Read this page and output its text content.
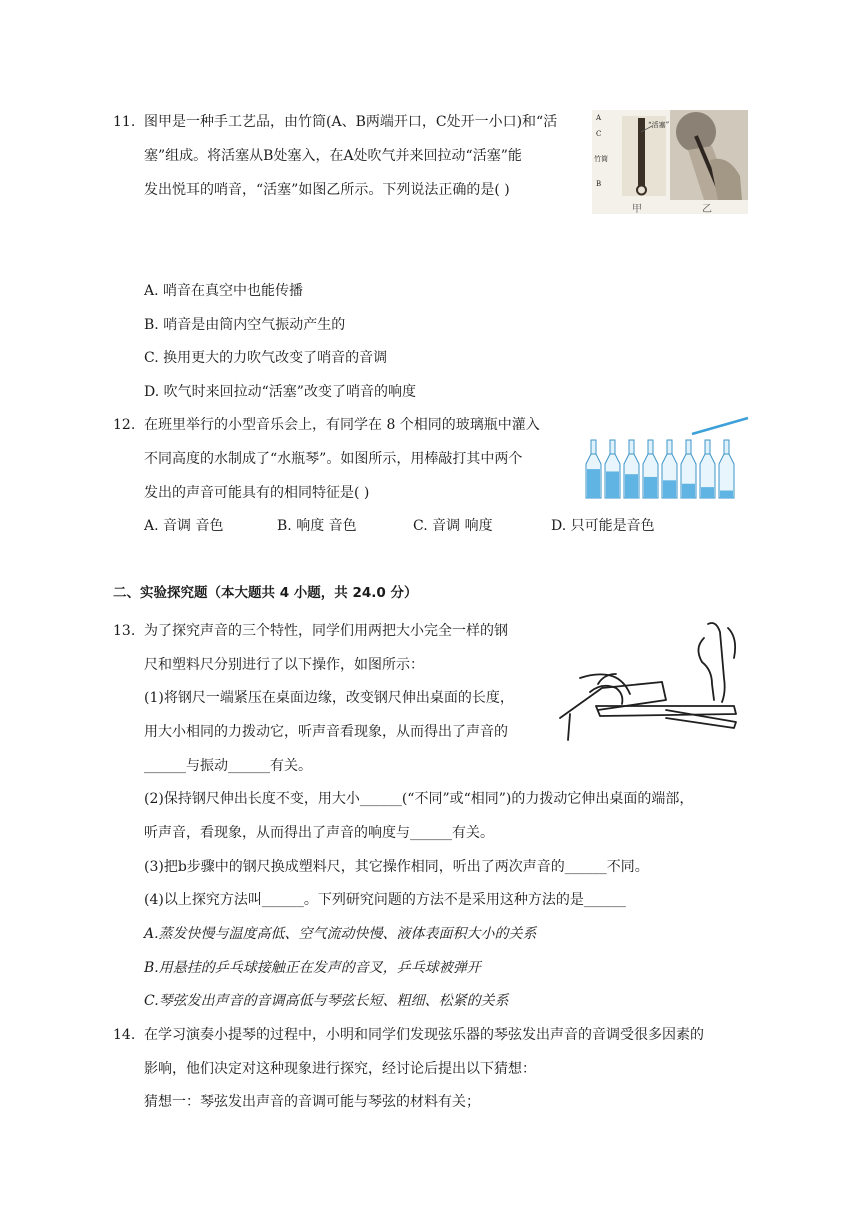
11. 图甲是一种手工艺品，由竹筒(A、B两端开口，C处开一小口)和“活
塞”组成。将活塞从B处塞入，在A处吹气并来回拉动“活塞”能
发出悦耳的哨音，“活塞”如图乙所示。下列说法正确的是( )
A
C
“活塞”
竹筒
B
甲	乙
A. 哨音在真空中也能传播
B. 哨音是由筒内空气振动产生的
C. 换用更大的力吹气改变了哨音的音调
D. 吹气时来回拉动“活塞”改变了哨音的响度
12. 在班里举行的小型音乐会上，有同学在 8 个相同的玻璃瓶中灌入
不同高度的水制成了“水瓶琴”。如图所示，用棒敲打其中两个
发出的声音可能具有的相同特征是( )
A. 音调 音色	B. 响度 音色	C. 音调 响度	D. 只可能是音色
二、实验探究题（本大题共 4 小题，共 24.0 分）
13. 为了探究声音的三个特性，同学们用两把大小完全一样的钢
尺和塑料尺分别进行了以下操作，如图所示：
(1)将钢尺一端紧压在桌面边缘，改变钢尺伸出桌面的长度，
用大小相同的力拨动它，听声音看现象，从而得出了声音的
______与振动______有关。
(2)保持钢尺伸出长度不变，用大小______(“不同”或“相同”)的力拨动它伸出桌面的端部，
听声音，看现象，从而得出了声音的响度与______有关。
(3)把b步骤中的钢尺换成塑料尺，其它操作相同，听出了两次声音的______不同。
(4)以上探究方法叫______。下列研究问题的方法不是采用这种方法的是______
A.蒸发快慢与温度高低、空气流动快慢、液体表面积大小的关系
B.用悬挂的乒乓球接触正在发声的音叉，乒乓球被弹开
C.琴弦发出声音的音调高低与琴弦长短、粗细、松紧的关系
14. 在学习演奏小提琴的过程中，小明和同学们发现弦乐器的琴弦发出声音的音调受很多因素的
影响，他们决定对这种现象进行探究，经讨论后提出以下猜想：
猜想一：琴弦发出声音的音调可能与琴弦的材料有关；
